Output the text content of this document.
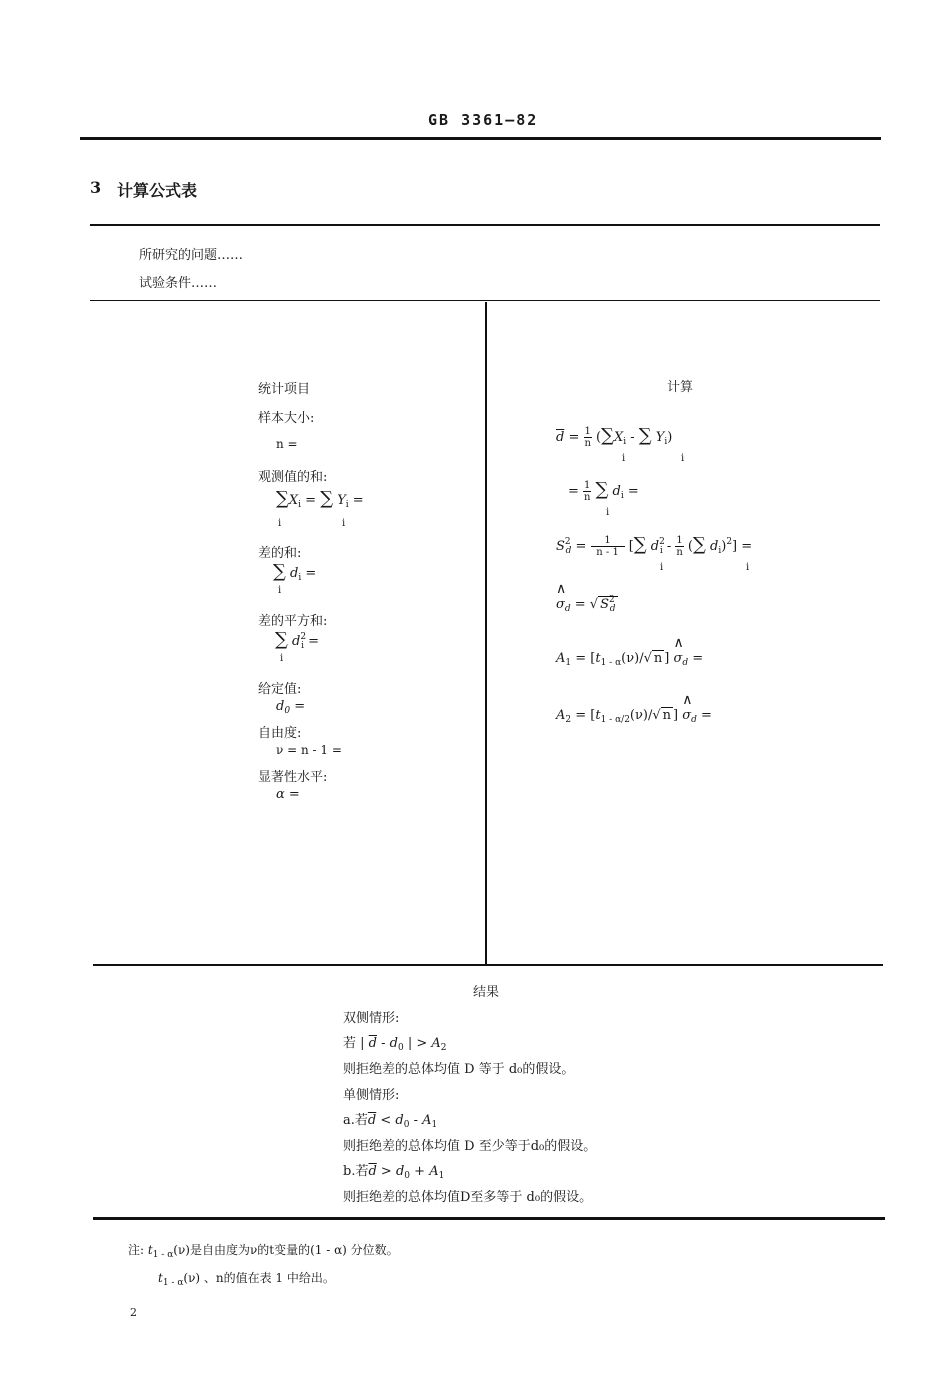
GB 3361—82
3 计算公式表
所研究的问题……
试验条件……
统计项目
样本大小:
n =
观测值的和:
$\sum X_i$ = ∑ $Y_i$ =
i	i
差的和:
∑ $d_i$ =
i
差的平方和:
∑ $d^2_i$ =
i
给定值:
$d_0$ =
自由度:
ν = n - 1 =
显著性水平:
α =
计算
$\overline{d} = \frac{1}{n} (\sum X_i$ - ∑ $Y_i$)
i	i
= $\frac{1}{n}$ ∑ $d_i$ =
i
$S^2_d = \frac{1}{n - 1}$ [∑ $d^2_i - \frac{1}{n}$ (∑ $d_i)^2$] =
i	i
∧ $\sigma_d$ = √ $S^2_d$
$A_1 = [t_{1 - \alpha}(\nu)/√$ n ] ∧ $\sigma_d$ =
$A_2 = [t_{1 - \alpha/2}(\nu)/√$ n ] ∧ $\sigma_d$ =
结果
双侧情形:
若 | $\overline{d} - d_0$ | > $A_2$
则拒绝差的总体均值 D 等于 d₀的假设。
单侧情形:
a.若$\overline{d} < d_0 - A_1$
则拒绝差的总体均值 D 至少等于d₀的假设。
b.若$\overline{d} > d_0 + A_1$
则拒绝差的总体均值D至多等于 d₀的假设。
注: $t_{1 - \alpha}(\nu)$是自由度为ν的t变量的(1 - α) 分位数。
$t_{1 - \alpha}(\nu)$ 、n的值在表 1 中给出。
2
